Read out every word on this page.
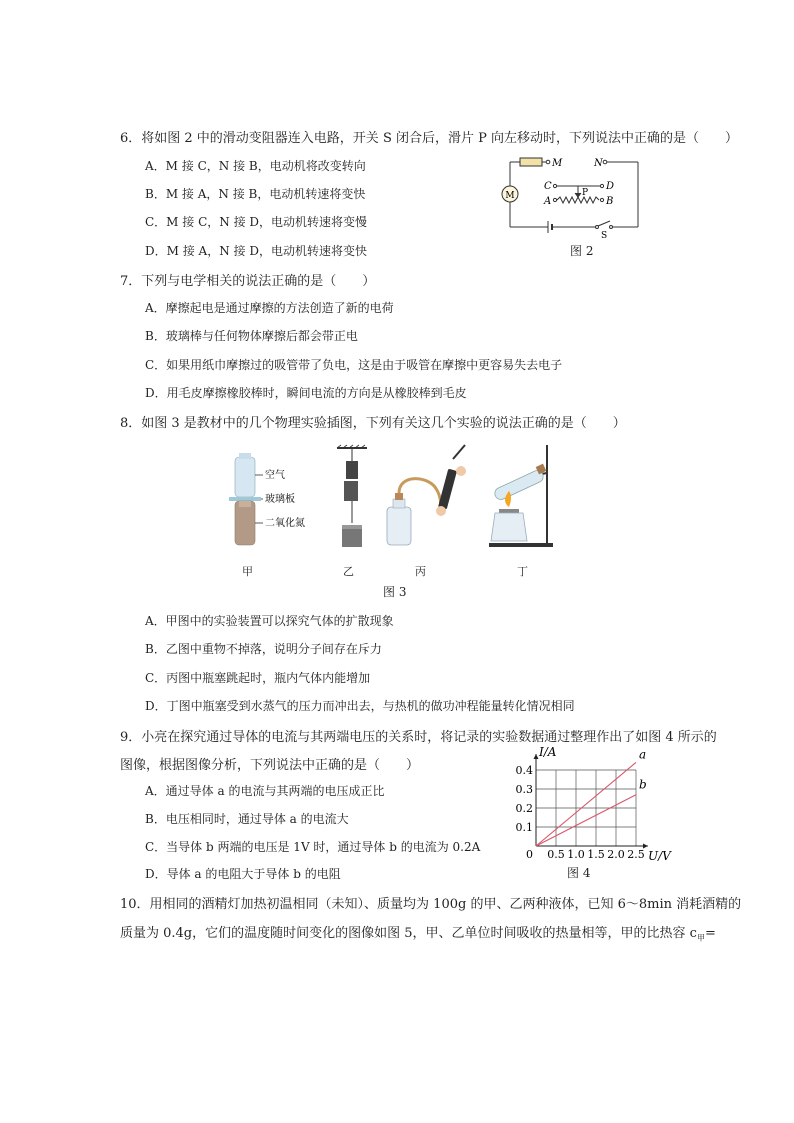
6．将如图 2 中的滑动变阻器连入电路，开关 S 闭合后，滑片 P 向左移动时，下列说法中正确的是（　　）
A．M 接 C，N 接 B，电动机将改变转向
B．M 接 A，N 接 B，电动机转速将变快
C．M 接 C，N 接 D，电动机转速将变慢
D．M 接 A，N 接 D，电动机转速将变快
M
M	N
C	D
P
A	B
S
图 2
7．下列与电学相关的说法正确的是（　　）
A．摩擦起电是通过摩擦的方法创造了新的电荷
B．玻璃棒与任何物体摩擦后都会带正电
C．如果用纸巾摩擦过的吸管带了负电，这是由于吸管在摩擦中更容易失去电子
D．用毛皮摩擦橡胶棒时，瞬间电流的方向是从橡胶棒到毛皮
8．如图 3 是教材中的几个物理实验插图，下列有关这几个实验的说法正确的是（　　）
空气
玻璃板
二氧化氮
甲	乙	丙	丁
图 3
A．甲图中的实验装置可以探究气体的扩散现象
B．乙图中重物不掉落，说明分子间存在斥力
C．丙图中瓶塞跳起时，瓶内气体内能增加
D．丁图中瓶塞受到水蒸气的压力而冲出去，与热机的做功冲程能量转化情况相同
9．小亮在探究通过导体的电流与其两端电压的关系时，将记录的实验数据通过整理作出了如图 4 所示的
图像，根据图像分析，下列说法中正确的是（　　）
A．通过导体 a 的电流与其两端的电压成正比
B．电压相同时，通过导体 a 的电流大
C．当导体 b 两端的电压是 1V 时，通过导体 b 的电流为 0.2A
D．导体 a 的电阻大于导体 b 的电阻
a
b
0.5 1.0 1.5 2.0 2.5
0.1
0.2
0.3
0.4
0	U/V
I/A
图 4
10．用相同的酒精灯加热初温相同（未知）、质量均为 100g 的甲、乙两种液体，已知 6～8min 消耗酒精的
质量为 0.4g，它们的温度随时间变化的图像如图 5，甲、乙单位时间吸收的热量相等，甲的比热容 $c_甲=$
